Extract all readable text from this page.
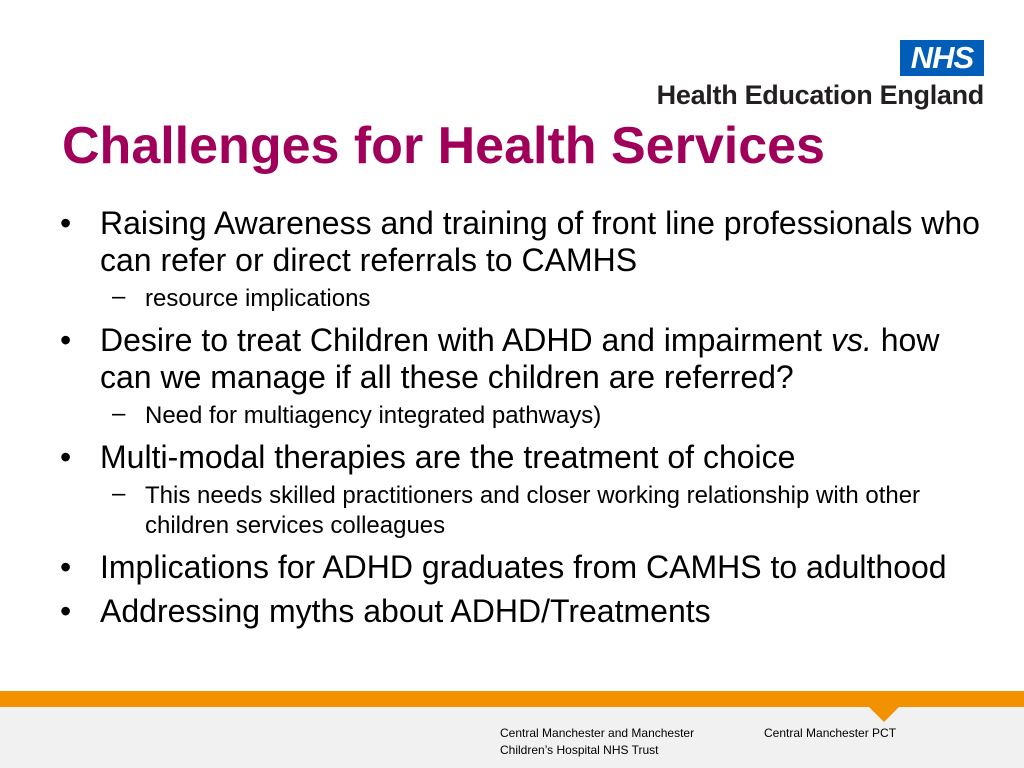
NHS
Health Education England
Challenges for Health Services
• Raising Awareness and training of front line professionals who can refer or direct referrals to CAMHS
– resource implications
• Desire to treat Children with ADHD and impairment vs. how can we manage if all these children are referred?
– Need for multiagency integrated pathways)
• Multi-modal therapies are the treatment of choice
– This needs skilled practitioners and closer working relationship with other children services colleagues
• Implications for ADHD graduates from CAMHS to adulthood
• Addressing myths about ADHD/Treatments
Central Manchester and Manchester
Children’s Hospital NHS Trust
Central Manchester PCT
